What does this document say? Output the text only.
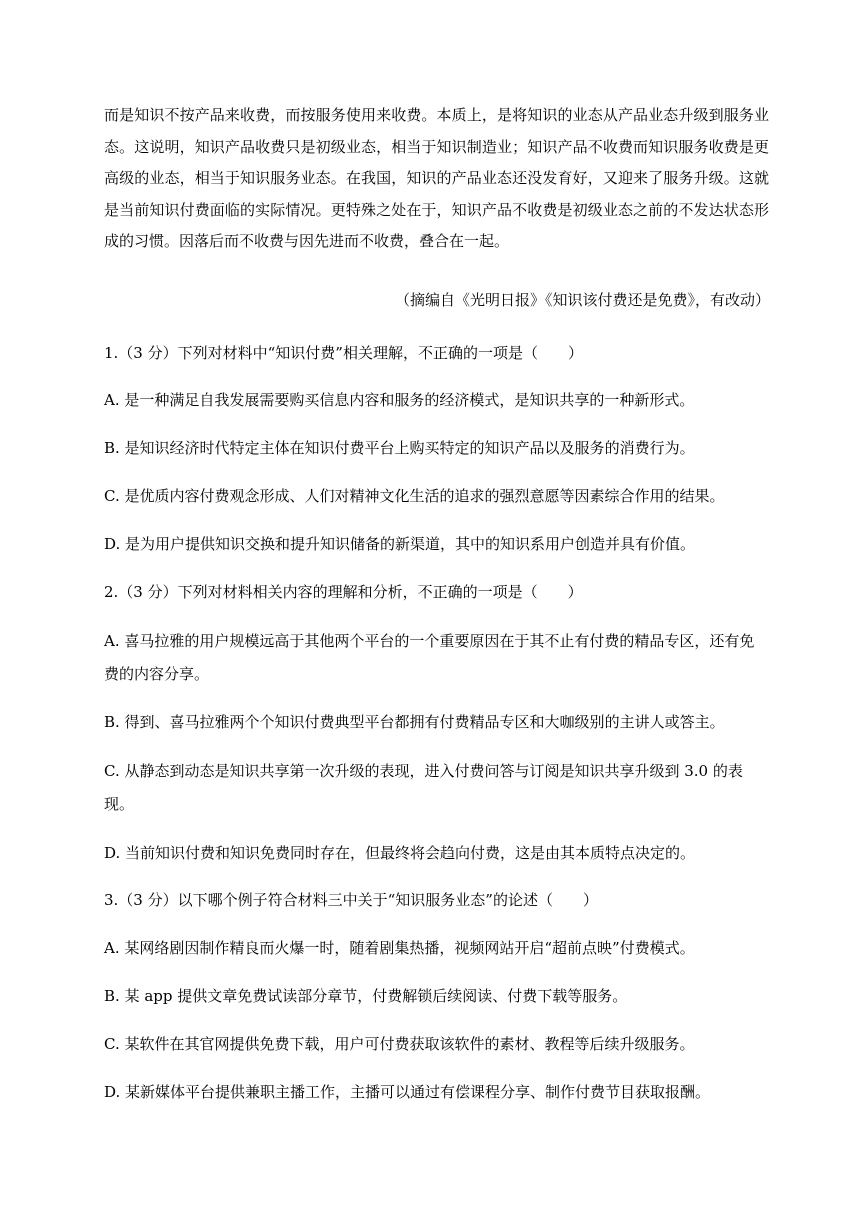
而是知识不按产品来收费，而按服务使用来收费。本质上，是将知识的业态从产品业态升级到服务业态。这说明，知识产品收费只是初级业态，相当于知识制造业；知识产品不收费而知识服务收费是更高级的业态，相当于知识服务业态。在我国，知识的产品业态还没发育好，又迎来了服务升级。这就是当前知识付费面临的实际情况。更特殊之处在于，知识产品不收费是初级业态之前的不发达状态形成的习惯。因落后而不收费与因先进而不收费，叠合在一起。

（摘编自《光明日报》《知识该付费还是免费》，有改动）
1.（3 分）下列对材料中“知识付费”相关理解，不正确的一项是（　　）
A. 是一种满足自我发展需要购买信息内容和服务的经济模式，是知识共享的一种新形式。
B. 是知识经济时代特定主体在知识付费平台上购买特定的知识产品以及服务的消费行为。
C. 是优质内容付费观念形成、人们对精神文化生活的追求的强烈意愿等因素综合作用的结果。
D. 是为用户提供知识交换和提升知识储备的新渠道，其中的知识系用户创造并具有价值。
2.（3 分）下列对材料相关内容的理解和分析，不正确的一项是（　　）
A. 喜马拉雅的用户规模远高于其他两个平台的一个重要原因在于其不止有付费的精品专区，还有免费的内容分享。
B. 得到、喜马拉雅两个个知识付费典型平台都拥有付费精品专区和大咖级别的主讲人或答主。
C. 从静态到动态是知识共享第一次升级的表现，进入付费问答与订阅是知识共享升级到 3.0 的表现。
D. 当前知识付费和知识免费同时存在，但最终将会趋向付费，这是由其本质特点决定的。
3.（3 分）以下哪个例子符合材料三中关于“知识服务业态”的论述（　　）
A. 某网络剧因制作精良而火爆一时，随着剧集热播，视频网站开启“超前点映”付费模式。
B. 某 app 提供文章免费试读部分章节，付费解锁后续阅读、付费下载等服务。
C. 某软件在其官网提供免费下载，用户可付费获取该软件的素材、教程等后续升级服务。
D. 某新媒体平台提供兼职主播工作，主播可以通过有偿课程分享、制作付费节目获取报酬。
